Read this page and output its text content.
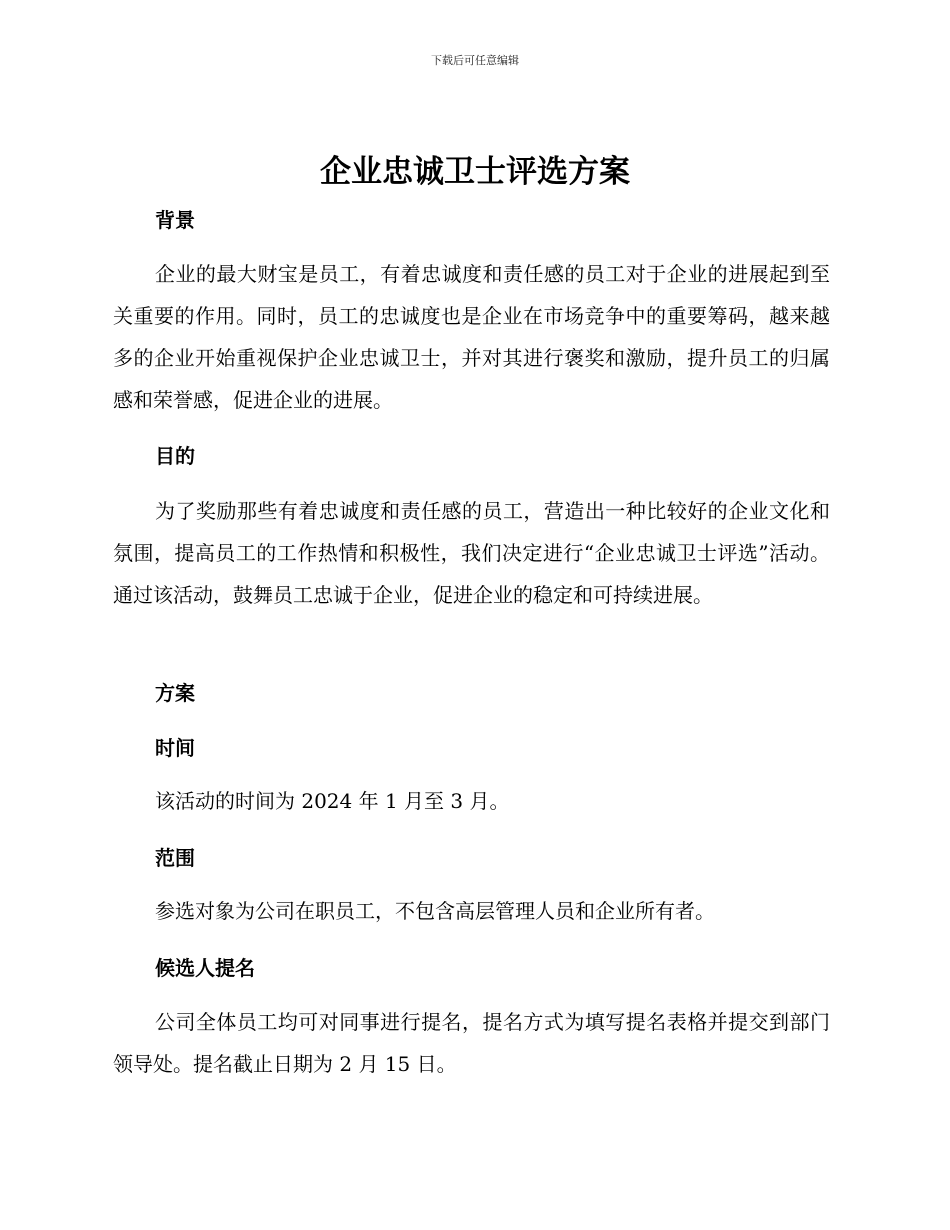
下载后可任意编辑
企业忠诚卫士评选方案
背景

企业的最大财宝是员工，有着忠诚度和责任感的员工对于企业的进展起到至关重要的作用。同时，员工的忠诚度也是企业在市场竞争中的重要筹码，越来越多的企业开始重视保护企业忠诚卫士，并对其进行褒奖和激励，提升员工的归属感和荣誉感，促进企业的进展。

目的

为了奖励那些有着忠诚度和责任感的员工，营造出一种比较好的企业文化和氛围，提高员工的工作热情和积极性，我们决定进行“企业忠诚卫士评选”活动。通过该活动，鼓舞员工忠诚于企业，促进企业的稳定和可持续进展。

方案
时间

该活动的时间为 2024 年 1 月至 3 月。

范围

参选对象为公司在职员工，不包含高层管理人员和企业所有者。

候选人提名

公司全体员工均可对同事进行提名，提名方式为填写提名表格并提交到部门领导处。提名截止日期为 2 月 15 日。
